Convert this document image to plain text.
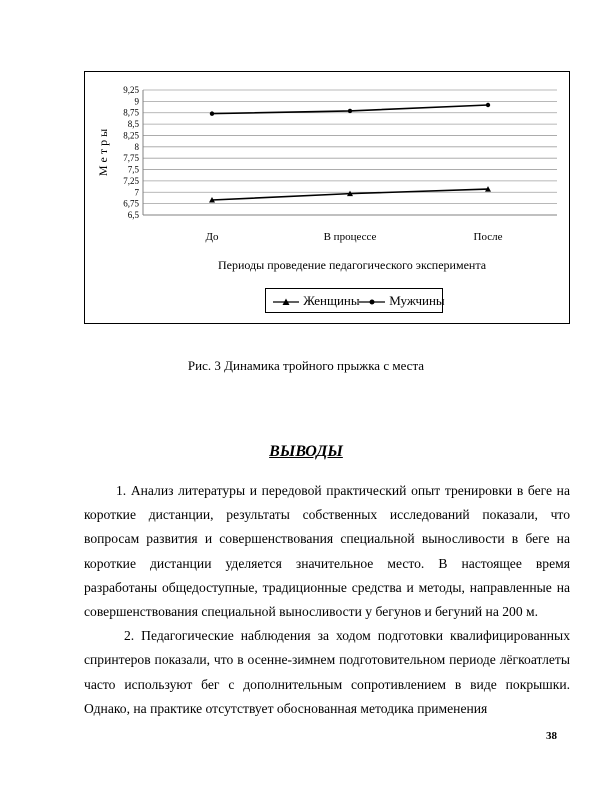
6,5
6,75
7
7,25
7,5
7,75
8
8,25
8,5
8,75
9
9,25
До	В процессе	После
Периоды проведение педагогического эксперимента
М е т р ы
Женщины	Мужчины
Рис. 3 Динамика тройного прыжка с места
ВЫВОДЫ

1. Анализ литературы и передовой практический опыт тренировки в беге на короткие дистанции, результаты собственных исследований показали, что вопросам развития и совершенствования специальной выносливости в беге на короткие дистанции уделяется значительное место. В настоящее время разработаны общедоступные, традиционные средства и методы, направленные на совершенствования специальной выносливости у бегунов и бегуний на 200 м.

2. Педагогические наблюдения за ходом подготовки квалифицированных спринтеров показали, что в осенне-зимнем подготовительном периоде лёгкоатлеты часто используют бег с дополнительным сопротивлением в виде покрышки. Однако, на практике отсутствует обоснованная методика применения

38
